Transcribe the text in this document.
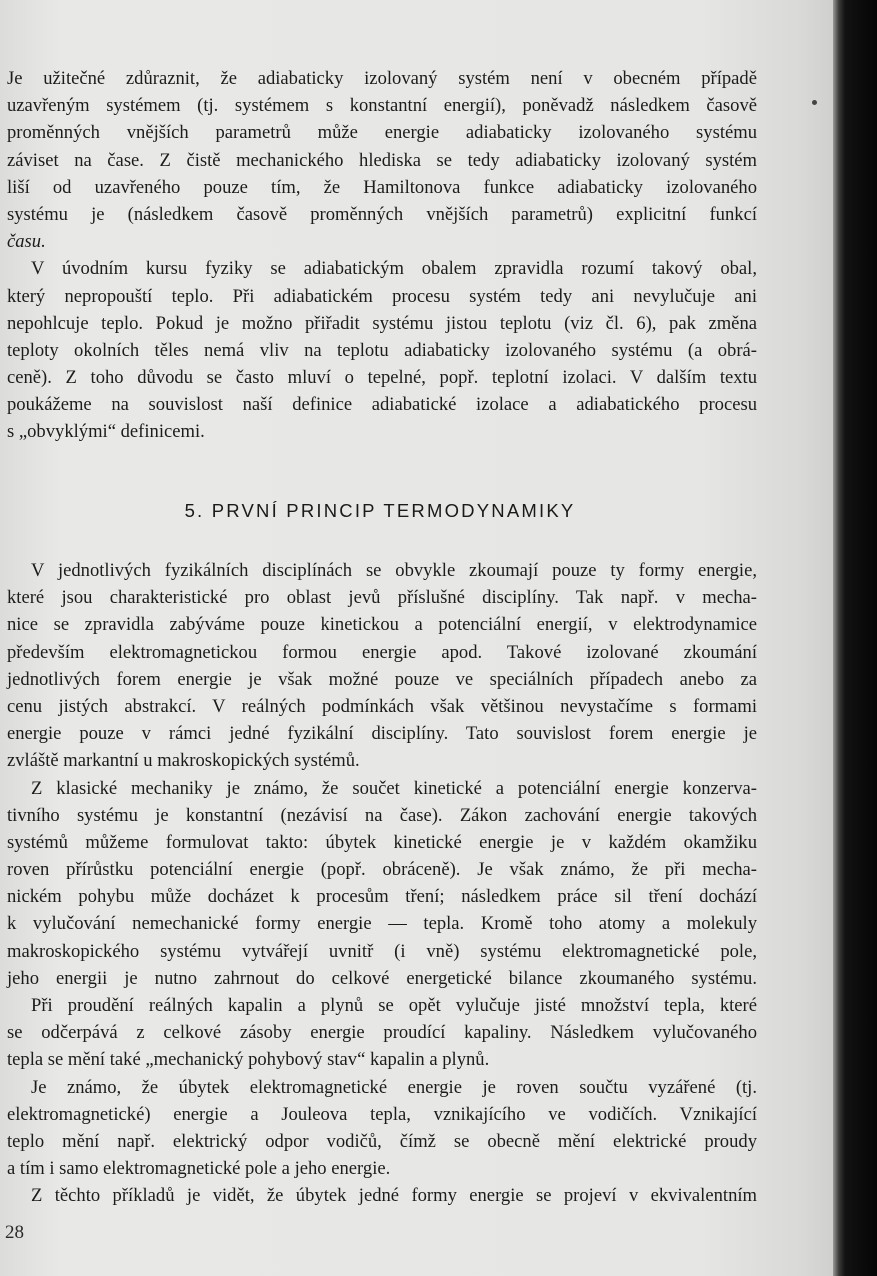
Je užitečné zdůraznit, že adiabaticky izolovaný systém není v obecném případě
uzavřeným systémem (tj. systémem s konstantní energií), poněvadž následkem časově
proměnných vnějších parametrů může energie adiabaticky izolovaného systému
záviset na čase. Z čistě mechanického hlediska se tedy adiabaticky izolovaný systém
liší od uzavřeného pouze tím, že Hamiltonova funkce adiabaticky izolovaného
systému je (následkem časově proměnných vnějších parametrů) explicitní funkcí
času.
V úvodním kursu fyziky se adiabatickým obalem zpravidla rozumí takový obal,
který nepropouští teplo. Při adiabatickém procesu systém tedy ani nevylučuje ani
nepohlcuje teplo. Pokud je možno přiřadit systému jistou teplotu (viz čl. 6), pak změna
teploty okolních těles nemá vliv na teplotu adiabaticky izolovaného systému (a obrá-
ceně). Z toho důvodu se často mluví o tepelné, popř. teplotní izolaci. V dalším textu
poukážeme na souvislost naší definice adiabatické izolace a adiabatického procesu
s „obvyklými“ definicemi.
5. PRVNÍ PRINCIP TERMODYNAMIKY
V jednotlivých fyzikálních disciplínách se obvykle zkoumají pouze ty formy energie,
které jsou charakteristické pro oblast jevů příslušné disciplíny. Tak např. v mecha-
nice se zpravidla zabýváme pouze kinetickou a potenciální energií, v elektrodynamice
především elektromagnetickou formou energie apod. Takové izolované zkoumání
jednotlivých forem energie je však možné pouze ve speciálních případech anebo za
cenu jistých abstrakcí. V reálných podmínkách však většinou nevystačíme s formami
energie pouze v rámci jedné fyzikální disciplíny. Tato souvislost forem energie je
zvláště markantní u makroskopických systémů.
Z klasické mechaniky je známo, že součet kinetické a potenciální energie konzerva-
tivního systému je konstantní (nezávisí na čase). Zákon zachování energie takových
systémů můžeme formulovat takto: úbytek kinetické energie je v každém okamžiku
roven přírůstku potenciální energie (popř. obráceně). Je však známo, že při mecha-
nickém pohybu může docházet k procesům tření; následkem práce sil tření dochází
k vylučování nemechanické formy energie — tepla. Kromě toho atomy a molekuly
makroskopického systému vytvářejí uvnitř (i vně) systému elektromagnetické pole,
jeho energii je nutno zahrnout do celkové energetické bilance zkoumaného systému.
Při proudění reálných kapalin a plynů se opět vylučuje jisté množství tepla, které
se odčerpává z celkové zásoby energie proudící kapaliny. Následkem vylučovaného
tepla se mění také „mechanický pohybový stav“ kapalin a plynů.
Je známo, že úbytek elektromagnetické energie je roven součtu vyzářené (tj.
elektromagnetické) energie a Jouleova tepla, vznikajícího ve vodičích. Vznikající
teplo mění např. elektrický odpor vodičů, čímž se obecně mění elektrické proudy
a tím i samo elektromagnetické pole a jeho energie.
Z těchto příkladů je vidět, že úbytek jedné formy energie se projeví v ekvivalentním
28
